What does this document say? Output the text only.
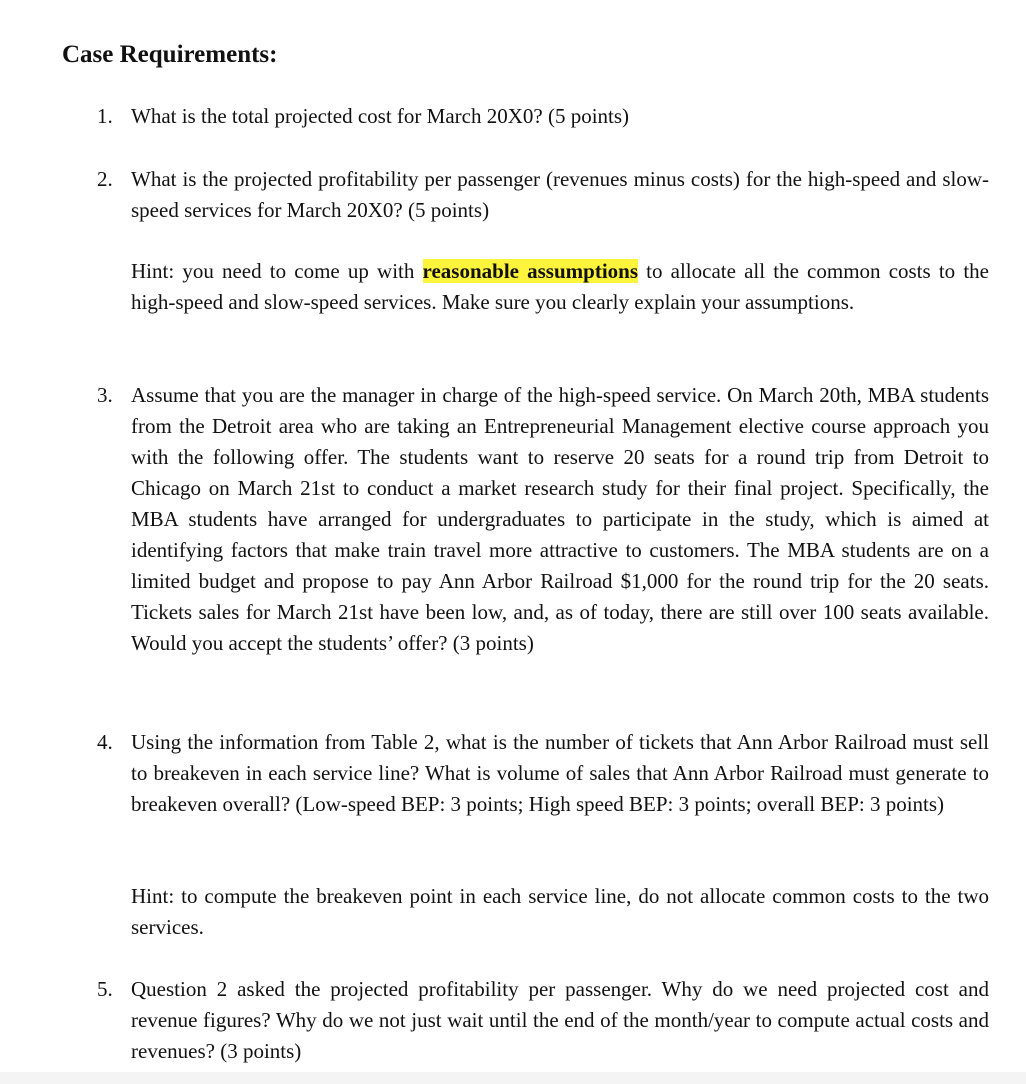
Case Requirements:
1. What is the total projected cost for March 20X0? (5 points)

2. What is the projected profitability per passenger (revenues minus costs) for the high-speed and slow-speed services for March 20X0? (5 points)

Hint: you need to come up with reasonable assumptions to allocate all the common costs to the high-speed and slow-speed services. Make sure you clearly explain your assumptions.

3. Assume that you are the manager in charge of the high-speed service. On March 20th, MBA students from the Detroit area who are taking an Entrepreneurial Management elective course approach you with the following offer. The students want to reserve 20 seats for a round trip from Detroit to Chicago on March 21st to conduct a market research study for their final project. Specifically, the MBA students have arranged for undergraduates to participate in the study, which is aimed at identifying factors that make train travel more attractive to customers. The MBA students are on a limited budget and propose to pay Ann Arbor Railroad $1,000 for the round trip for the 20 seats. Tickets sales for March 21st have been low, and, as of today, there are still over 100 seats available. Would you accept the students’ offer? (3 points)

4. Using the information from Table 2, what is the number of tickets that Ann Arbor Railroad must sell to breakeven in each service line? What is volume of sales that Ann Arbor Railroad must generate to breakeven overall? (Low-speed BEP: 3 points; High speed BEP: 3 points; overall BEP: 3 points)

Hint: to compute the breakeven point in each service line, do not allocate common costs to the two services.

5. Question 2 asked the projected profitability per passenger. Why do we need projected cost and revenue figures? Why do we not just wait until the end of the month/year to compute actual costs and revenues? (3 points)
